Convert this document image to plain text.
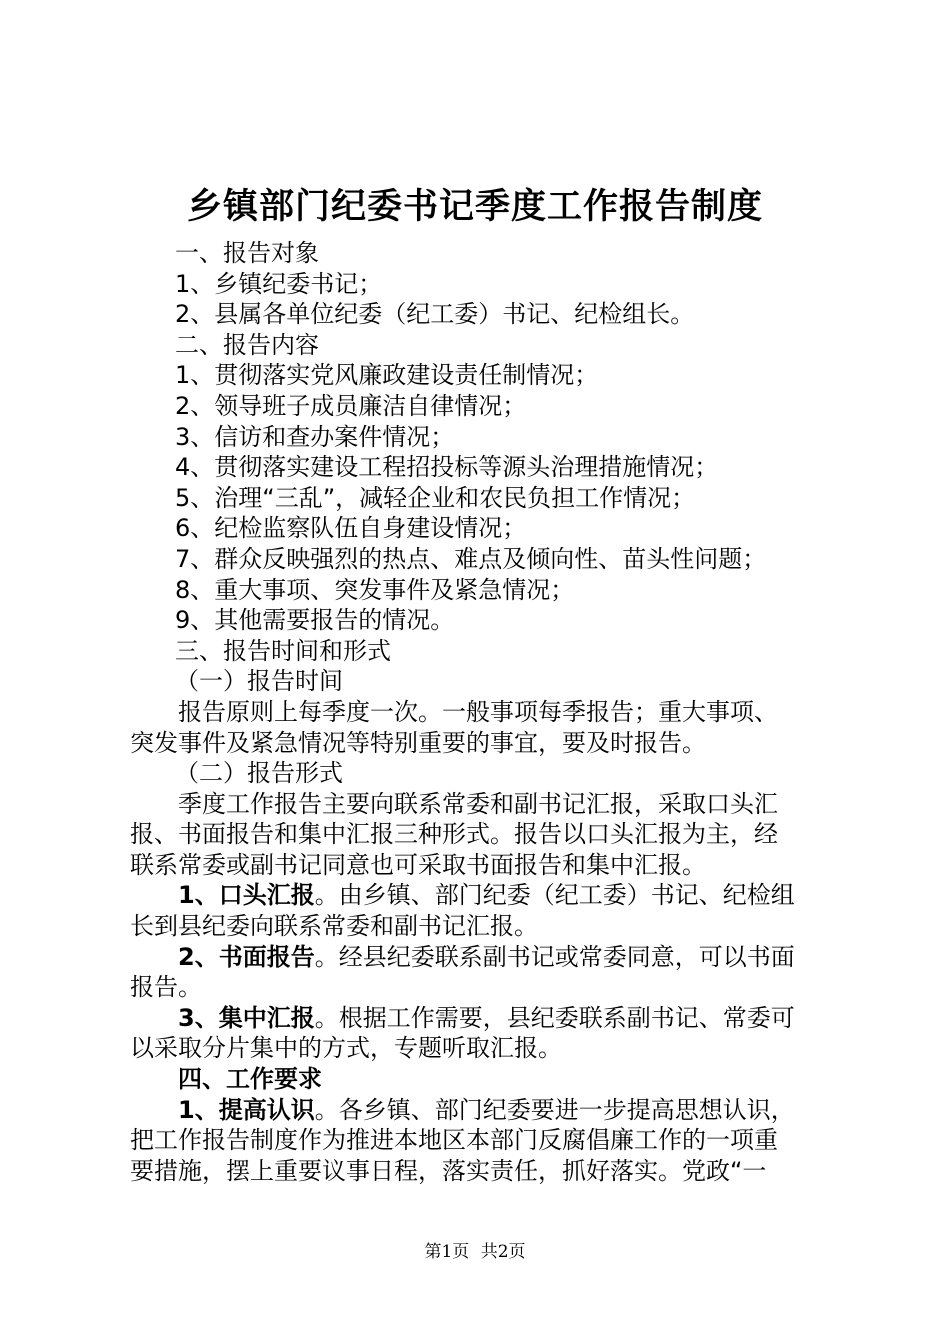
乡镇部门纪委书记季度工作报告制度
一、报告对象
1、乡镇纪委书记；
2、县属各单位纪委（纪工委）书记、纪检组长。
二、报告内容
1、贯彻落实党风廉政建设责任制情况；
2、领导班子成员廉洁自律情况；
3、信访和查办案件情况；
4、贯彻落实建设工程招投标等源头治理措施情况；
5、治理“三乱”，减轻企业和农民负担工作情况；
6、纪检监察队伍自身建设情况；
7、群众反映强烈的热点、难点及倾向性、苗头性问题；
8、重大事项、突发事件及紧急情况；
9、其他需要报告的情况。
三、报告时间和形式
（一）报告时间
报告原则上每季度一次。一般事项每季报告；重大事项、
突发事件及紧急情况等特别重要的事宜，要及时报告。
（二）报告形式
季度工作报告主要向联系常委和副书记汇报，采取口头汇
报、书面报告和集中汇报三种形式。报告以口头汇报为主，经
联系常委或副书记同意也可采取书面报告和集中汇报。
1、口头汇报。由乡镇、部门纪委（纪工委）书记、纪检组
长到县纪委向联系常委和副书记汇报。
2、书面报告。经县纪委联系副书记或常委同意，可以书面
报告。
3、集中汇报。根据工作需要，县纪委联系副书记、常委可
以采取分片集中的方式，专题听取汇报。
四、工作要求
1、提高认识。各乡镇、部门纪委要进一步提高思想认识，
把工作报告制度作为推进本地区本部门反腐倡廉工作的一项重
要措施，摆上重要议事日程，落实责任，抓好落实。党政“一
第1页 共2页
